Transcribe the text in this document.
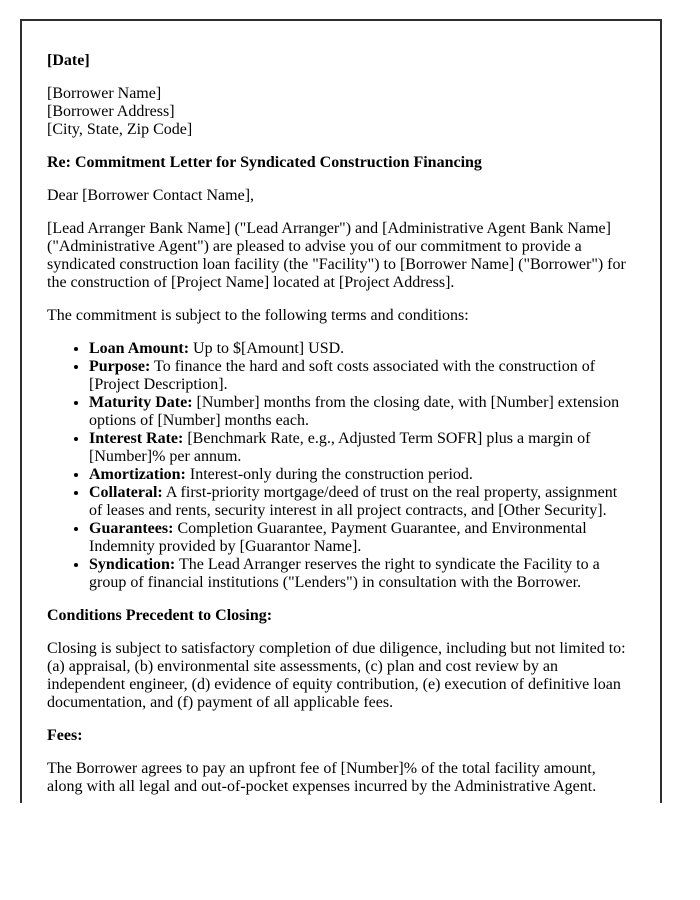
[Date]

[Borrower Name]
[Borrower Address]
[City, State, Zip Code]

Re: Commitment Letter for Syndicated Construction Financing

Dear [Borrower Contact Name],

[Lead Arranger Bank Name] ("Lead Arranger") and [Administrative Agent Bank Name] ("Administrative Agent") are pleased to advise you of our commitment to provide a syndicated construction loan facility (the "Facility") to [Borrower Name] ("Borrower") for the construction of [Project Name] located at [Project Address].

The commitment is subject to the following terms and conditions:

• Loan Amount: Up to $[Amount] USD.
• Purpose: To finance the hard and soft costs associated with the construction of [Project Description].
• Maturity Date: [Number] months from the closing date, with [Number] extension options of [Number] months each.
• Interest Rate: [Benchmark Rate, e.g., Adjusted Term SOFR] plus a margin of [Number]% per annum.
• Amortization: Interest-only during the construction period.
• Collateral: A first-priority mortgage/deed of trust on the real property, assignment of leases and rents, security interest in all project contracts, and [Other Security].
• Guarantees: Completion Guarantee, Payment Guarantee, and Environmental Indemnity provided by [Guarantor Name].
• Syndication: The Lead Arranger reserves the right to syndicate the Facility to a group of financial institutions ("Lenders") in consultation with the Borrower.

Conditions Precedent to Closing:

Closing is subject to satisfactory completion of due diligence, including but not limited to: (a) appraisal, (b) environmental site assessments, (c) plan and cost review by an independent engineer, (d) evidence of equity contribution, (e) execution of definitive loan documentation, and (f) payment of all applicable fees.

Fees:

The Borrower agrees to pay an upfront fee of [Number]% of the total facility amount, along with all legal and out-of-pocket expenses incurred by the Administrative Agent.
